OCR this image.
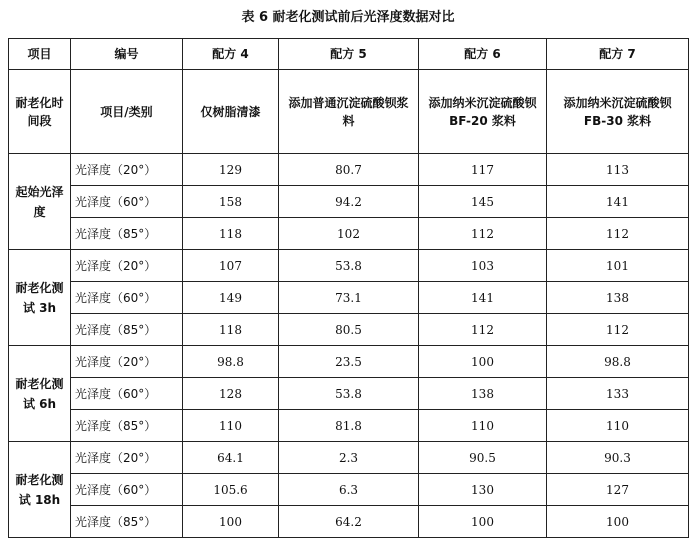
表 6 耐老化测试前后光泽度数据对比
项目	编号	配方 4	配方 5	配方 6	配方 7
耐老化时间段	项目/类别	仅树脂清漆	添加普通沉淀硫酸钡浆料	添加纳米沉淀硫酸钡 BF-20 浆料	添加纳米沉淀硫酸钡 FB-30 浆料
起始光泽度	光泽度（20°）	129	80.7	117	113
	光泽度（60°）	158	94.2	145	141
	光泽度（85°）	118	102	112	112
耐老化测试 3h	光泽度（20°）	107	53.8	103	101
	光泽度（60°）	149	73.1	141	138
	光泽度（85°）	118	80.5	112	112
耐老化测试 6h	光泽度（20°）	98.8	23.5	100	98.8
	光泽度（60°）	128	53.8	138	133
	光泽度（85°）	110	81.8	110	110
耐老化测试 18h	光泽度（20°）	64.1	2.3	90.5	90.3
	光泽度（60°）	105.6	6.3	130	127
	光泽度（85°）	100	64.2	100	100
